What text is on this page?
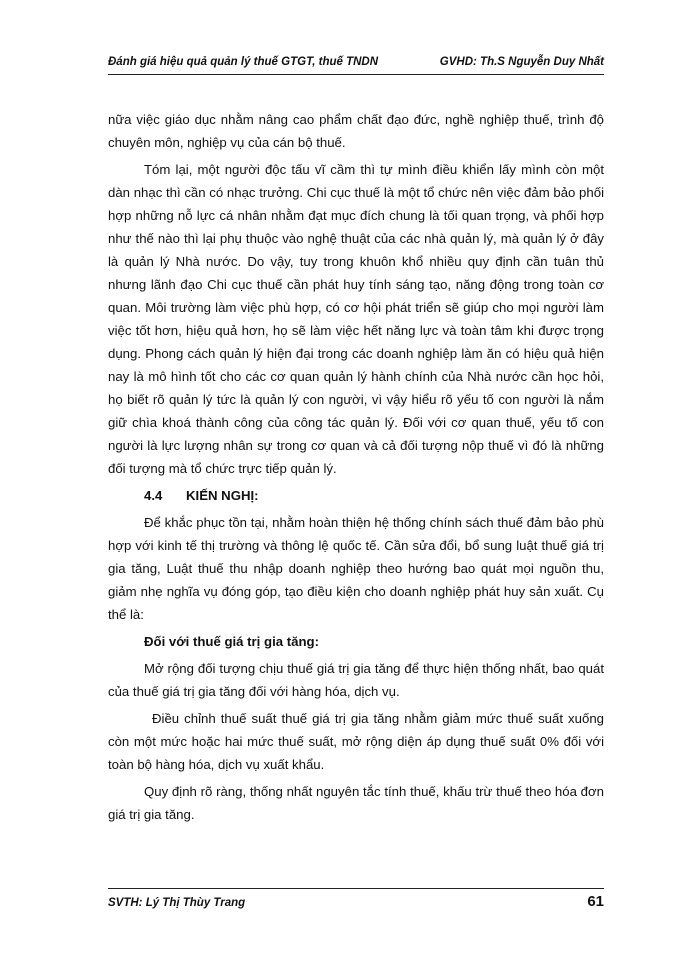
Đánh giá hiệu quả quản lý thuế GTGT, thuế TNDN	GVHD: Th.S Nguyễn Duy Nhất

nữa việc giáo dục nhằm nâng cao phẩm chất đạo đức, nghề nghiệp thuế, trình độ chuyên môn, nghiệp vụ của cán bộ thuế.

Tóm lại, một người độc tấu vĩ cầm thì tự mình điều khiển lấy mình còn một dàn nhạc thì cần có nhạc trưởng. Chi cục thuế là một tổ chức nên việc đảm bảo phối hợp những nỗ lực cá nhân nhằm đạt mục đích chung là tối quan trọng, và phối hợp như thế nào thì lại phụ thuộc vào nghệ thuật của các nhà quản lý, mà quản lý ở đây là quản lý Nhà nước. Do vậy, tuy trong khuôn khổ nhiều quy định cần tuân thủ nhưng lãnh đạo Chi cục thuế cần phát huy tính sáng tạo, năng động trong toàn cơ quan. Môi trường làm việc phù hợp, có cơ hội phát triển sẽ giúp cho mọi người làm việc tốt hơn, hiệu quả hơn, họ sẽ làm việc hết năng lực và toàn tâm khi được trọng dụng. Phong cách quản lý hiện đại trong các doanh nghiệp làm ăn có hiệu quả hiện nay là mô hình tốt cho các cơ quan quản lý hành chính của Nhà nước cần học hỏi, họ biết rõ quản lý tức là quản lý con người, vì vậy hiểu rõ yếu tố con người là nắm giữ chìa khoá thành công của công tác quản lý. Đối với cơ quan thuế, yếu tố con người là lực lượng nhân sự trong cơ quan và cả đối tượng nộp thuế vì đó là những đối tượng mà tổ chức trực tiếp quản lý.

4.4 KIẾN NGHỊ:

Để khắc phục tồn tại, nhằm hoàn thiện hệ thống chính sách thuế đảm bảo phù hợp với kinh tế thị trường và thông lệ quốc tế. Cần sửa đổi, bổ sung luật thuế giá trị gia tăng, Luật thuế thu nhập doanh nghiệp theo hướng bao quát mọi nguồn thu, giảm nhẹ nghĩa vụ đóng góp, tạo điều kiện cho doanh nghiệp phát huy sản xuất. Cụ thể là:

Đối với thuế giá trị gia tăng:

Mở rộng đối tượng chịu thuế giá trị gia tăng để thực hiện thống nhất, bao quát của thuế giá trị gia tăng đối với hàng hóa, dịch vụ.

Điều chỉnh thuế suất thuế giá trị gia tăng nhằm giảm mức thuế suất xuống còn một mức hoặc hai mức thuế suất, mở rộng diện áp dụng thuế suất 0% đối với toàn bộ hàng hóa, dịch vụ xuất khẩu.

Quy định rõ ràng, thống nhất nguyên tắc tính thuế, khấu trừ thuế theo hóa đơn giá trị gia tăng.

SVTH: Lý Thị Thùy Trang	61
